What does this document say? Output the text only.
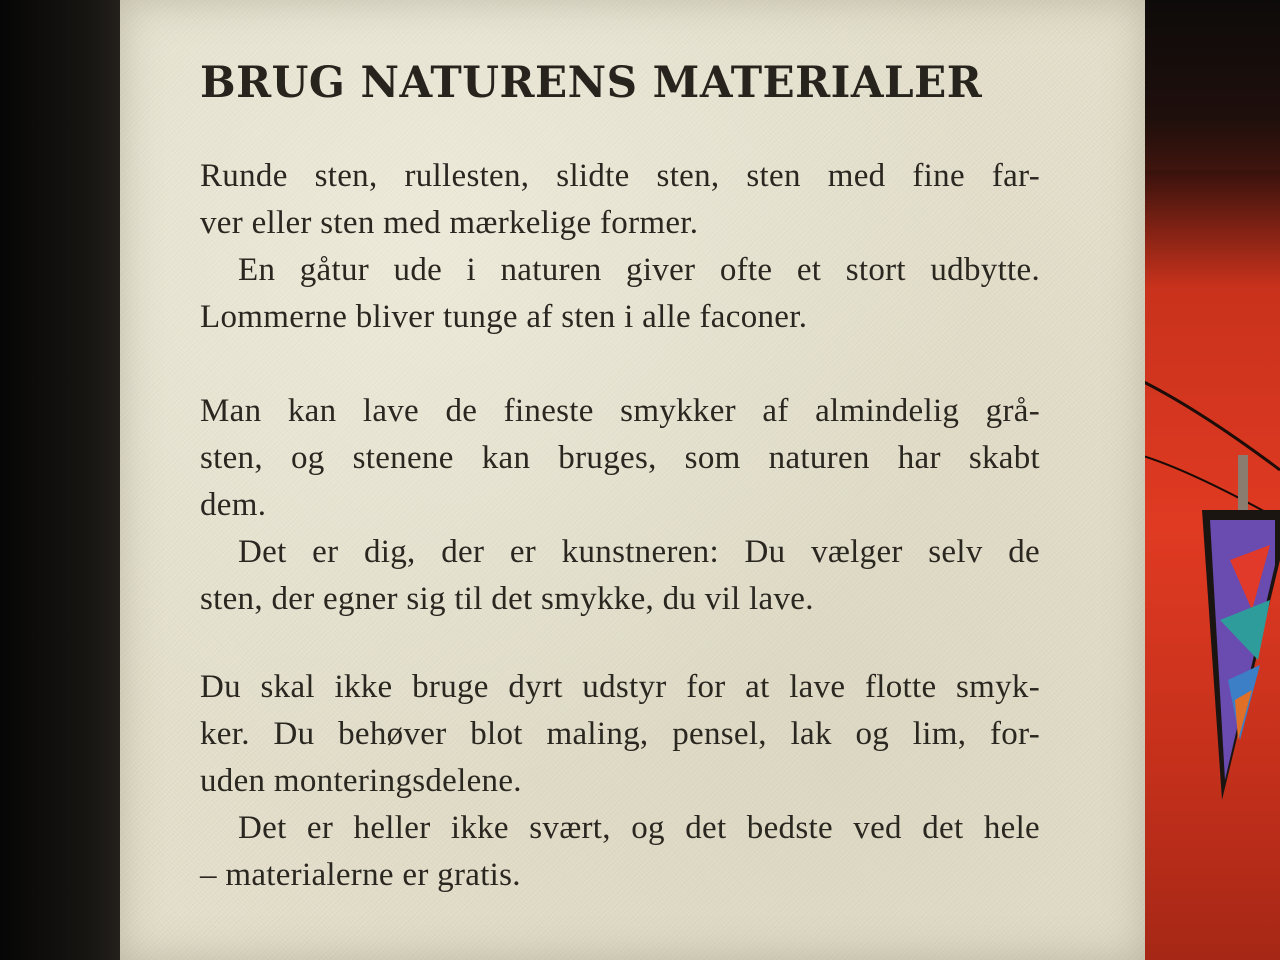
BRUG NATURENS MATERIALER
Runde sten, rullesten, slidte sten, sten med fine far-
ver eller sten med mærkelige former.
En gåtur ude i naturen giver ofte et stort udbytte.
Lommerne bliver tunge af sten i alle faconer.
Man kan lave de fineste smykker af almindelig grå-
sten, og stenene kan bruges, som naturen har skabt
dem.
Det er dig, der er kunstneren: Du vælger selv de
sten, der egner sig til det smykke, du vil lave.
Du skal ikke bruge dyrt udstyr for at lave flotte smyk-
ker. Du behøver blot maling, pensel, lak og lim, for-
uden monteringsdelene.
Det er heller ikke svært, og det bedste ved det hele
– materialerne er gratis.
